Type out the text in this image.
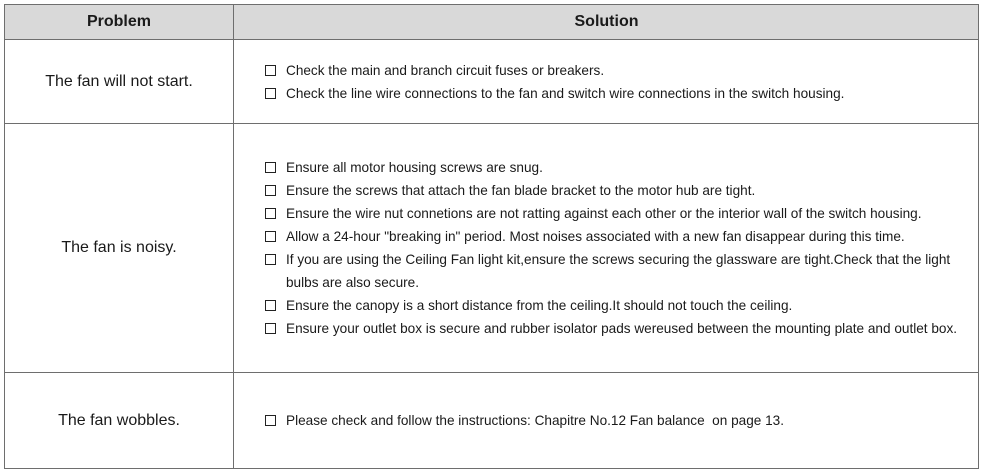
Problem	Solution
The fan will not start.
Check the main and branch circuit fuses or breakers.
Check the line wire connections to the fan and switch wire connections in the switch housing.
The fan is noisy.
Ensure all motor housing screws are snug.
Ensure the screws that attach the fan blade bracket to the motor hub are tight.
Ensure the wire nut connetions are not ratting against each other or the interior wall of the switch housing.
Allow a 24-hour "breaking in" period. Most noises associated with a new fan disappear during this time.
If you are using the Ceiling Fan light kit,ensure the screws securing the glassware are tight.Check that the light
bulbs are also secure.
Ensure the canopy is a short distance from the ceiling.It should not touch the ceiling.
Ensure your outlet box is secure and rubber isolator pads wereused between the mounting plate and outlet box.
The fan wobbles.	Please check and follow the instructions: Chapitre No.12 Fan balance  on page 13.
